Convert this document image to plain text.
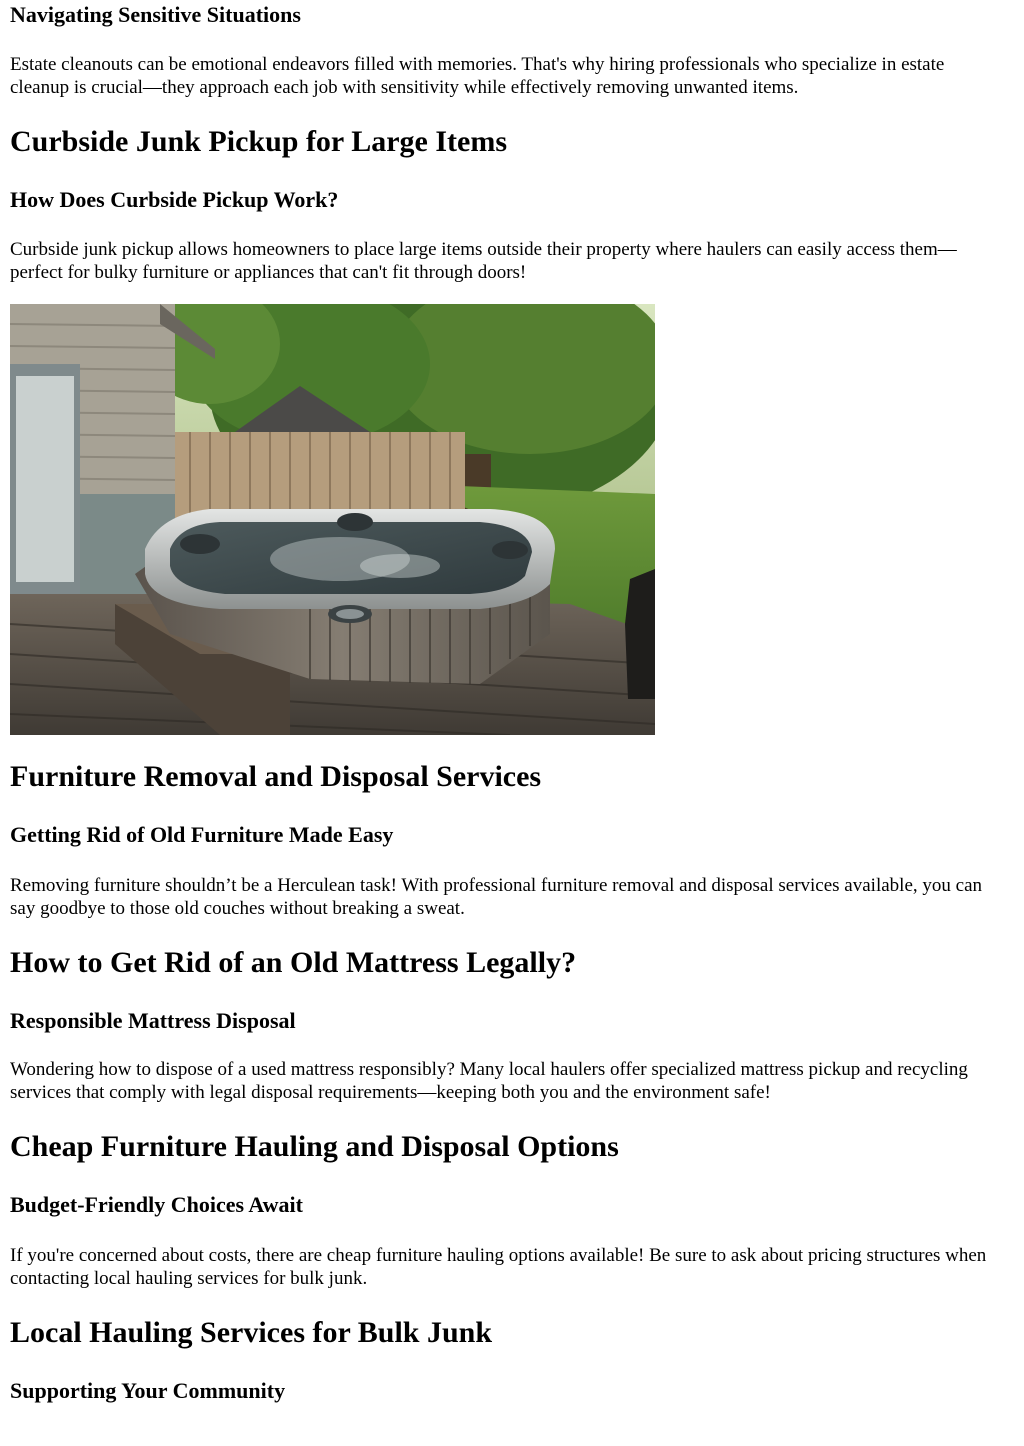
Navigating Sensitive Situations

Estate cleanouts can be emotional endeavors filled with memories. That's why hiring professionals who specialize in estate cleanup is crucial—they approach each job with sensitivity while effectively removing unwanted items.

Curbside Junk Pickup for Large Items
How Does Curbside Pickup Work?

Curbside junk pickup allows homeowners to place large items outside their property where haulers can easily access them—perfect for bulky furniture or appliances that can't fit through doors!

Furniture Removal and Disposal Services
Getting Rid of Old Furniture Made Easy

Removing furniture shouldn’t be a Herculean task! With professional furniture removal and disposal services available, you can say goodbye to those old couches without breaking a sweat.

How to Get Rid of an Old Mattress Legally?
Responsible Mattress Disposal

Wondering how to dispose of a used mattress responsibly? Many local haulers offer specialized mattress pickup and recycling services that comply with legal disposal requirements—keeping both you and the environment safe!

Cheap Furniture Hauling and Disposal Options
Budget-Friendly Choices Await

If you're concerned about costs, there are cheap furniture hauling options available! Be sure to ask about pricing structures when contacting local hauling services for bulk junk.

Local Hauling Services for Bulk Junk
Supporting Your Community
